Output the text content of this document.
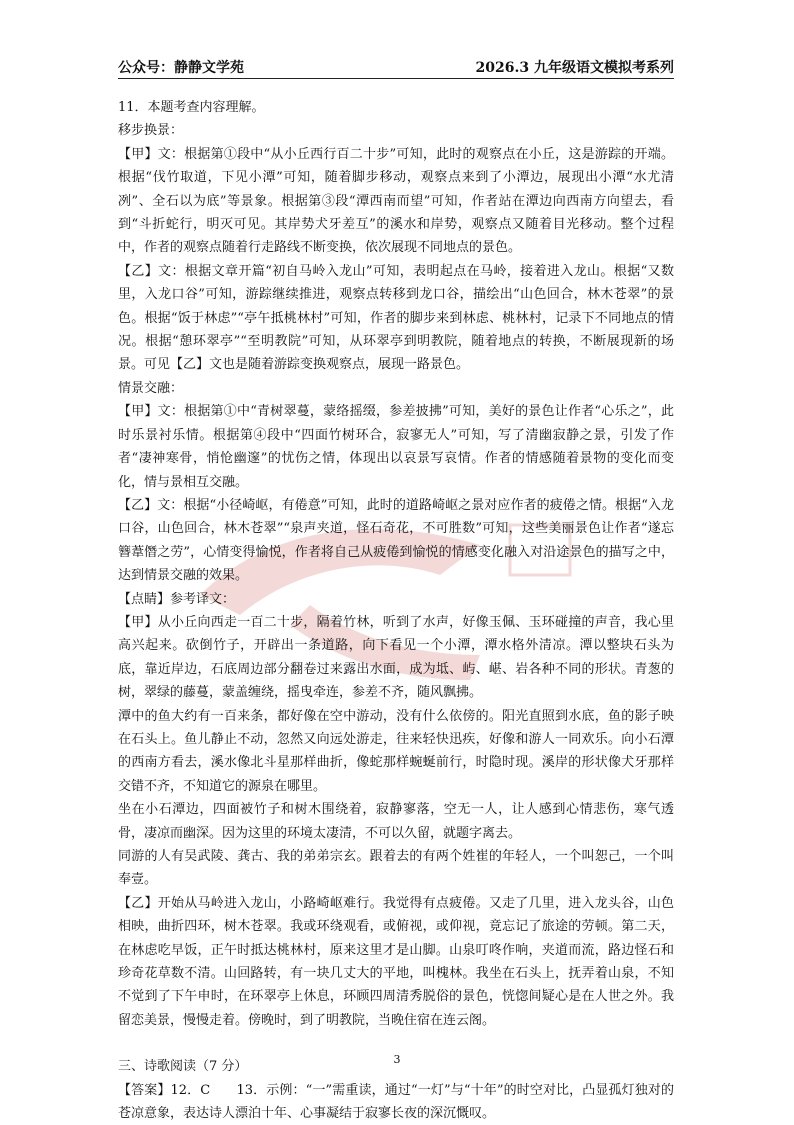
公众号：静静文学苑	2026.3 九年级语文模拟考系列

11．本题考查内容理解。

移步换景：

【甲】文：根据第①段中“从小丘西行百二十步”可知，此时的观察点在小丘，这是游踪的开端。根据“伐竹取道，下见小潭”可知，随着脚步移动，观察点来到了小潭边，展现出小潭“水尤清冽”、全石以为底”等景象。根据第③段“潭西南而望”可知，作者站在潭边向西南方向望去，看到“斗折蛇行，明灭可见。其岸势犬牙差互”的溪水和岸势，观察点又随着目光移动。整个过程中，作者的观察点随着行走路线不断变换，依次展现不同地点的景色。

【乙】文：根据文章开篇“初自马岭入龙山”可知，表明起点在马岭，接着进入龙山。根据“又数里，入龙口谷”可知，游踪继续推进，观察点转移到龙口谷，描绘出“山色回合，林木苍翠”的景色。根据“饭于林虑”“亭午抵桃林村”可知，作者的脚步来到林虑、桃林村，记录下不同地点的情况。根据“憩环翠亭”“至明教院”可知，从环翠亭到明教院，随着地点的转换，不断展现新的场景。可见【乙】文也是随着游踪变换观察点，展现一路景色。

情景交融：

【甲】文：根据第①中“青树翠蔓，蒙络摇缀，参差披拂”可知，美好的景色让作者“心乐之”，此时乐景衬乐情。根据第④段中“四面竹树环合，寂寥无人”可知，写了清幽寂静之景，引发了作者“凄神寒骨，悄怆幽邃”的忧伤之情，体现出以哀景写哀情。作者的情感随着景物的变化而变化，情与景相互交融。

【乙】文：根据“小径崎岖，有倦意”可知，此时的道路崎岖之景对应作者的疲倦之情。根据“入龙口谷，山色回合，林木苍翠”“泉声夹道，怪石奇花，不可胜数”可知，这些美丽景色让作者“遂忘簪葦僭之劳”，心情变得愉悦，作者将自己从疲倦到愉悦的情感变化融入对沿途景色的描写之中，达到情景交融的效果。

【点睛】参考译文：

【甲】从小丘向西走一百二十步，隔着竹林，听到了水声，好像玉佩、玉环碰撞的声音，我心里高兴起来。砍倒竹子，开辟出一条道路，向下看见一个小潭，潭水格外清凉。潭以整块石头为底，靠近岸边，石底周边部分翻卷过来露出水面，成为坻、屿、嵁、岩各种不同的形状。青葱的树，翠绿的藤蔓，蒙盖缠绕，摇曳牵连，参差不齐，随风飘拂。

潭中的鱼大约有一百来条，都好像在空中游动，没有什么依傍的。阳光直照到水底，鱼的影子映在石头上。鱼儿静止不动，忽然又向远处游走，往来轻快迅疾，好像和游人一同欢乐。向小石潭的西南方看去，溪水像北斗星那样曲折，像蛇那样蜿蜒前行，时隐时现。溪岸的形状像犬牙那样交错不齐，不知道它的源泉在哪里。

坐在小石潭边，四面被竹子和树木围绕着，寂静寥落，空无一人，让人感到心情悲伤，寒气透骨，凄凉而幽深。因为这里的环境太凄清，不可以久留，就题字离去。

同游的人有吴武陵、龚古、我的弟弟宗玄。跟着去的有两个姓崔的年轻人，一个叫恕己，一个叫奉壹。

【乙】开始从马岭进入龙山，小路崎岖难行。我觉得有点疲倦。又走了几里，进入龙头谷，山色相映，曲折四环，树木苍翠。我或环绕观看，或俯视，或仰视，竟忘记了旅途的劳顿。第二天，在林虑吃早饭，正午时抵达桃林村，原来这里才是山脚。山泉叮咚作响，夹道而流，路边怪石和珍奇花草数不清。山回路转，有一块几丈大的平地，叫槐林。我坐在石头上，抚弄着山泉，不知不觉到了下午申时，在环翠亭上休息，环顾四周清秀脱俗的景色，恍惚间疑心是在人世之外。我留恋美景，慢慢走着。傍晚时，到了明教院，当晚住宿在连云阁。

三、诗歌阅读（7 分）

【答案】12．C　　13．示例：“一”需重读，通过“一灯”与“十年”的时空对比，凸显孤灯独对的苍凉意象，表达诗人漂泊十年、心事凝结于寂寥长夜的深沉慨叹。

3
